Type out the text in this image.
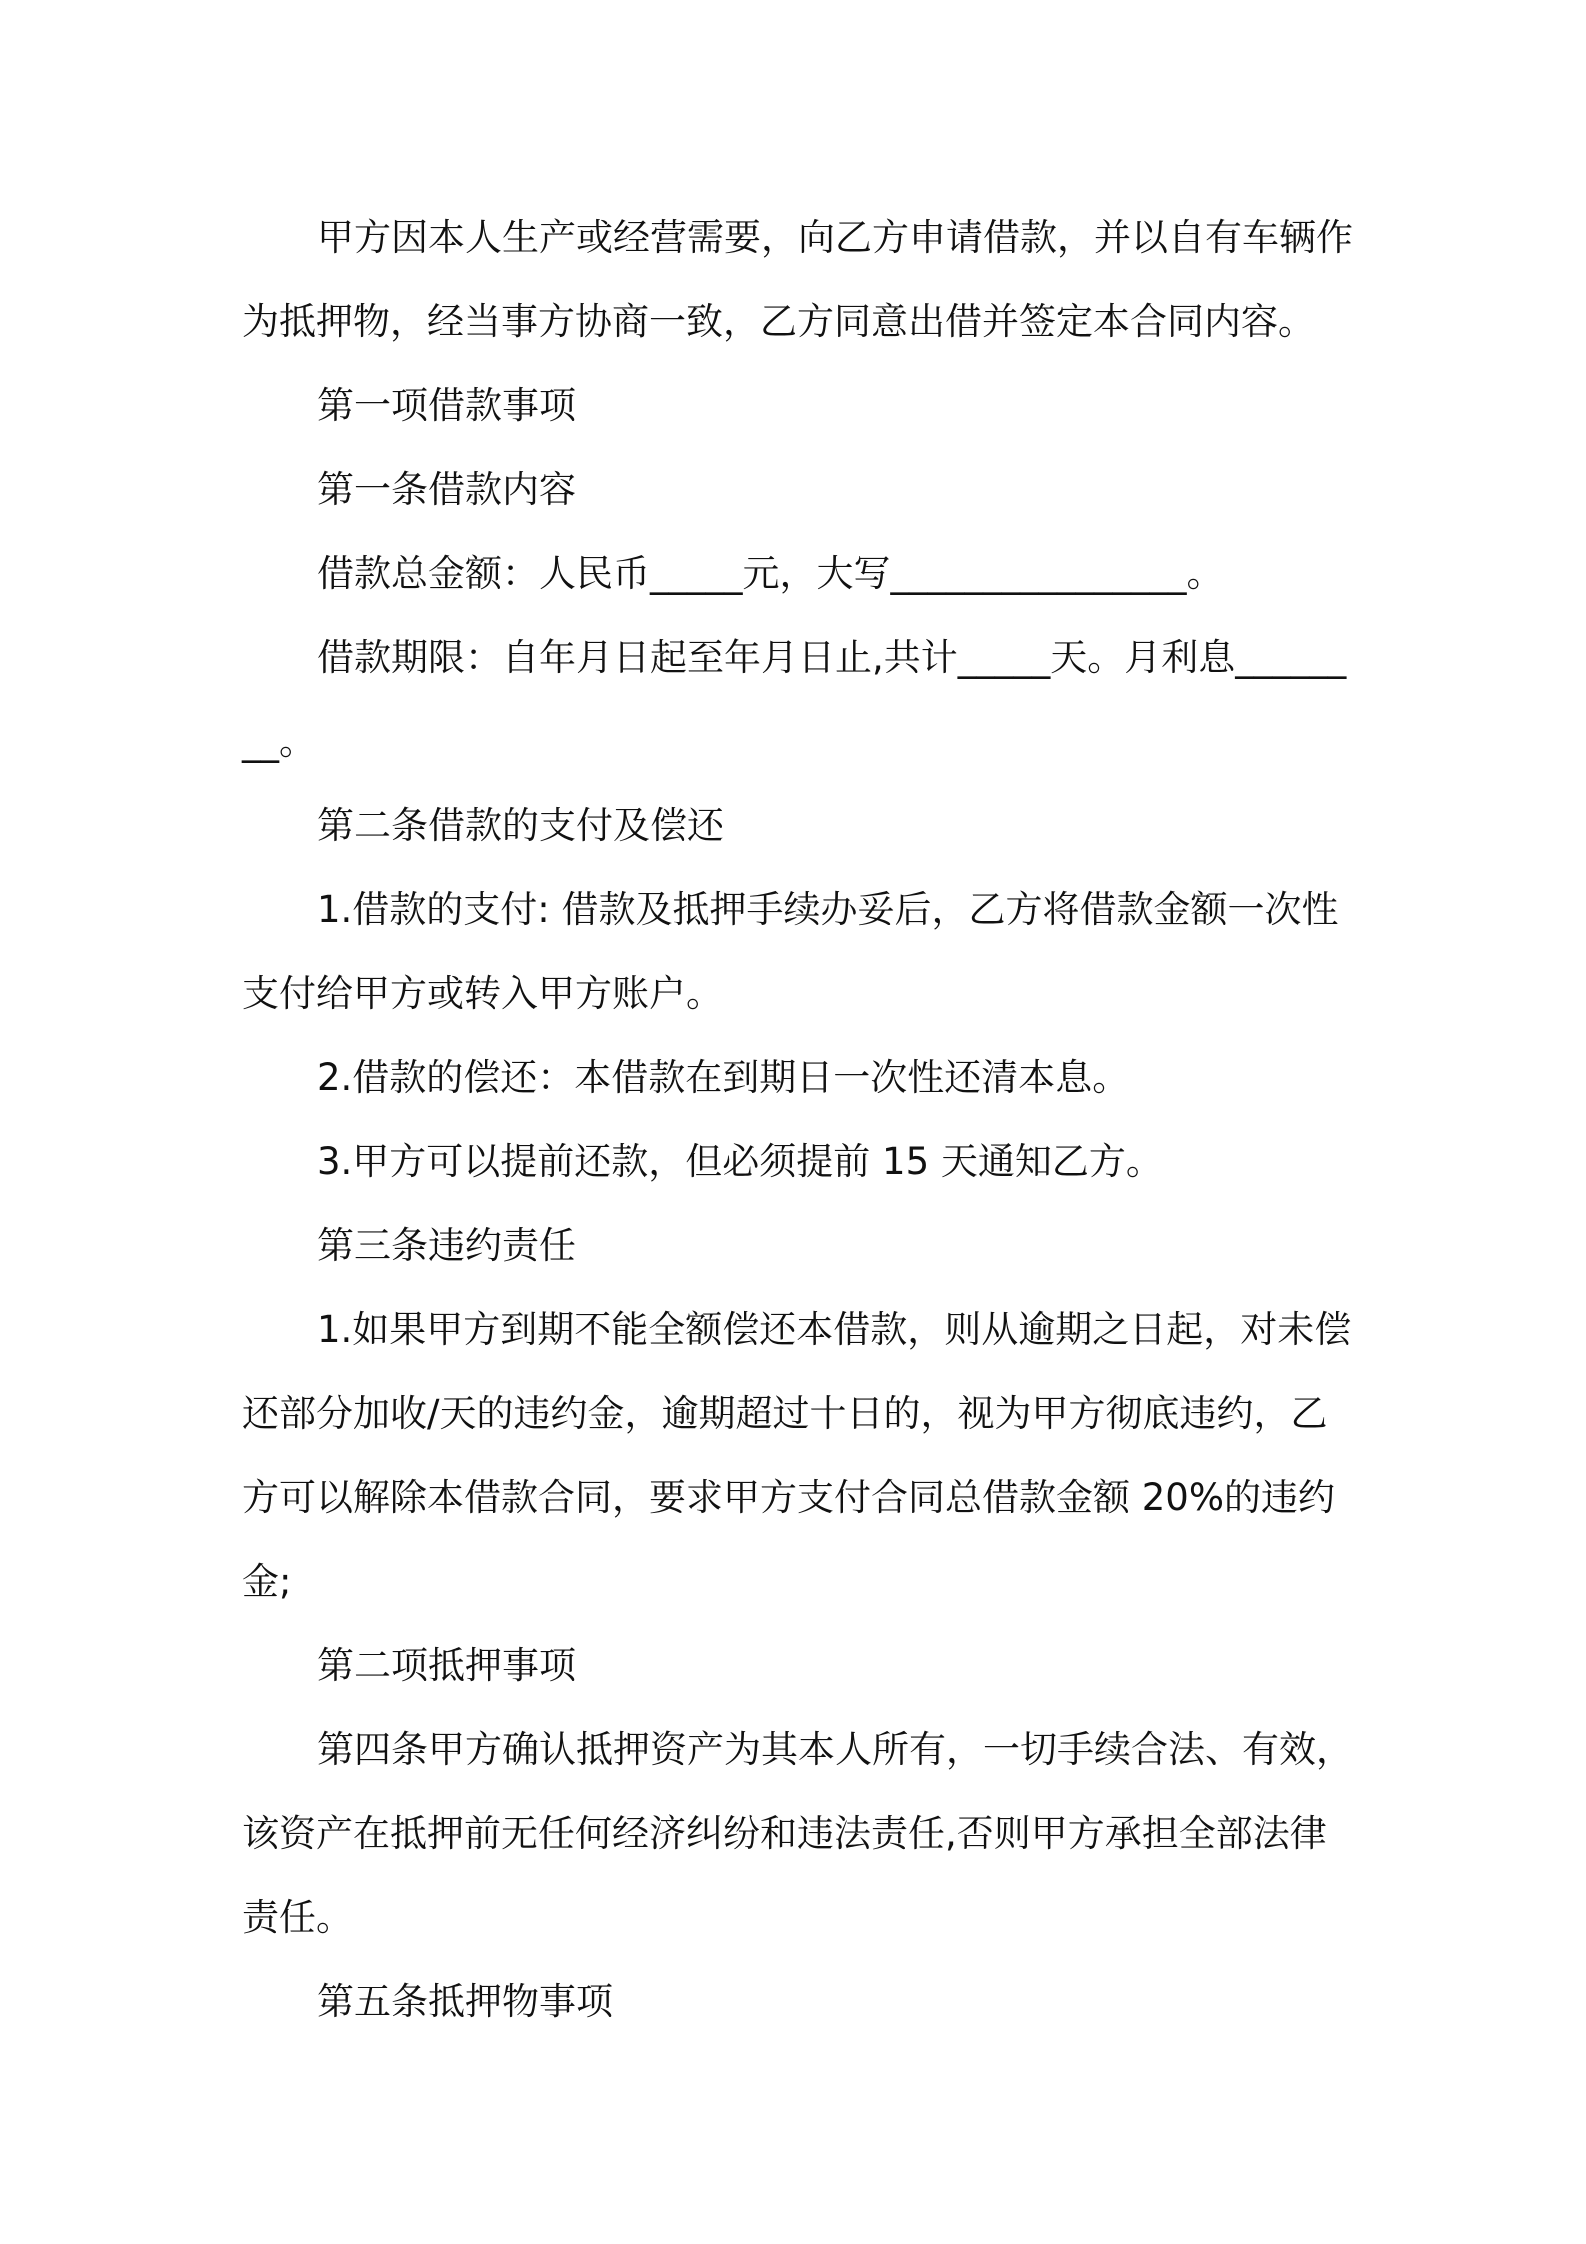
甲方因本人生产或经营需要，向乙方申请借款，并以自有车辆作为抵押物，经当事方协商一致，乙方同意出借并签定本合同内容。

第一项借款事项

第一条借款内容

借款总金额：人民币_____元，大写________________。

借款期限：自年月日起至年月日止,共计_____天。月利息________。

第二条借款的支付及偿还

1.借款的支付: 借款及抵押手续办妥后，乙方将借款金额一次性支付给甲方或转入甲方账户。

2.借款的偿还：本借款在到期日一次性还清本息。

3.甲方可以提前还款，但必须提前 15 天通知乙方。

第三条违约责任

1.如果甲方到期不能全额偿还本借款，则从逾期之日起，对未偿还部分加收/天的违约金，逾期超过十日的，视为甲方彻底违约，乙方可以解除本借款合同，要求甲方支付合同总借款金额 20%的违约金;

第二项抵押事项

第四条甲方确认抵押资产为其本人所有，一切手续合法、有效，该资产在抵押前无任何经济纠纷和违法责任,否则甲方承担全部法律责任。

第五条抵押物事项
